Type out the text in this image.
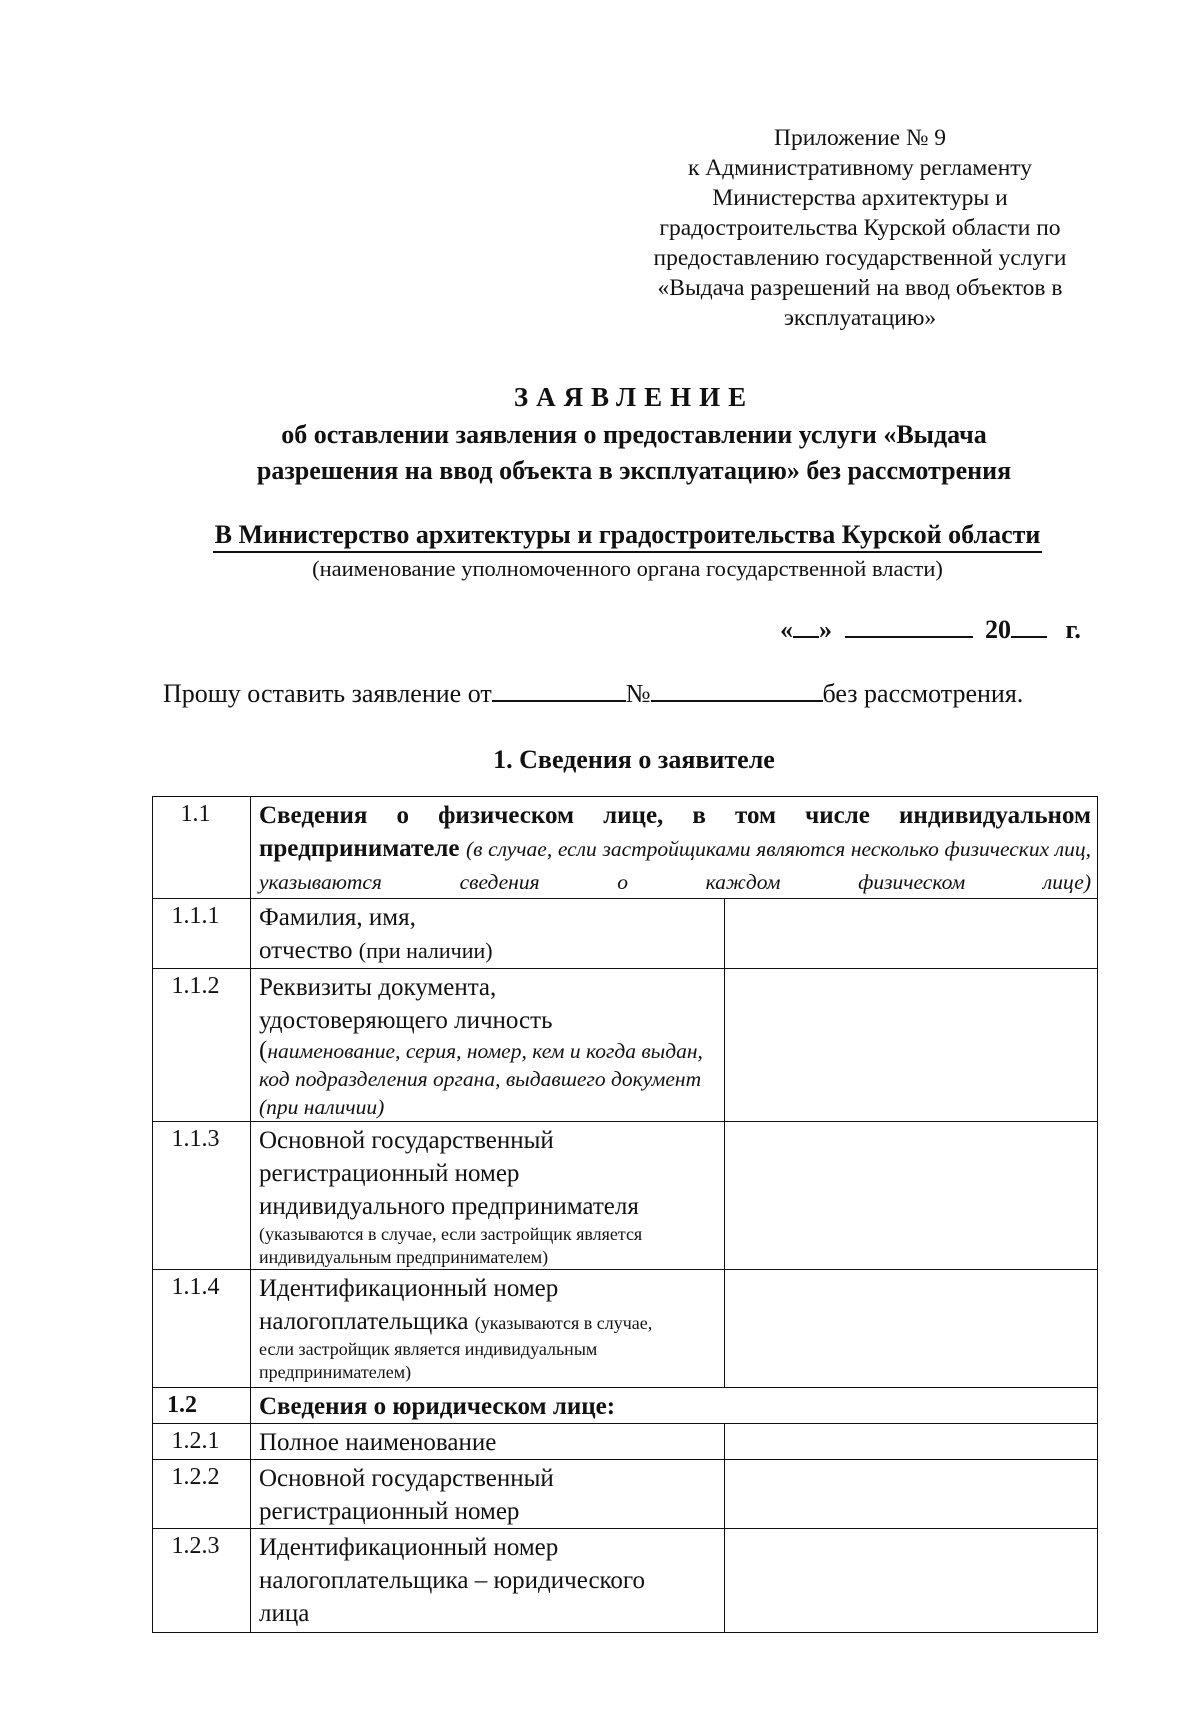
Приложение № 9
к Административному регламенту
Министерства архитектуры и
градостроительства Курской области по
предоставлению государственной услуги
«Выдача разрешений на ввод объектов в
эксплуатацию»
ЗАЯВЛЕНИЕ
об оставлении заявления о предоставлении услуги «Выдача
разрешения на ввод объекта в эксплуатацию» без рассмотрения
В Министерство архитектуры и градостроительства Курской области
(наименование уполномоченного органа государственной власти)
« »	20 г.
Прошу оставить заявление от	№	без рассмотрения.
1. Сведения о заявителе
1.1	Сведения о физическом лице, в том числе индивидуальном предпринимателе (в случае, если застройщиками являются несколько физических лиц, указываются сведения о каждом физическом лице)	

1.1.1	Фамилия, имя,
отчество (при наличии)	

1.1.2	Реквизиты документа,
удостоверяющего личность
(наименование, серия, номер, кем и когда выдан, код подразделения органа, выдавшего документ (при наличии)	

1.1.3	Основной государственный
регистрационный номер
индивидуального предпринимателя
(указываются в случае, если застройщик является индивидуальным предпринимателем)	

1.1.4	Идентификационный номер
налогоплательщика (указываются в случае,
если застройщик является индивидуальным предпринимателем)	

1.2	Сведения о юридическом лице:	
1.2.1	Полное наименование	

1.2.2	Основной государственный
регистрационный номер	

1.2.3	Идентификационный номер
налогоплательщика – юридического
лица	
